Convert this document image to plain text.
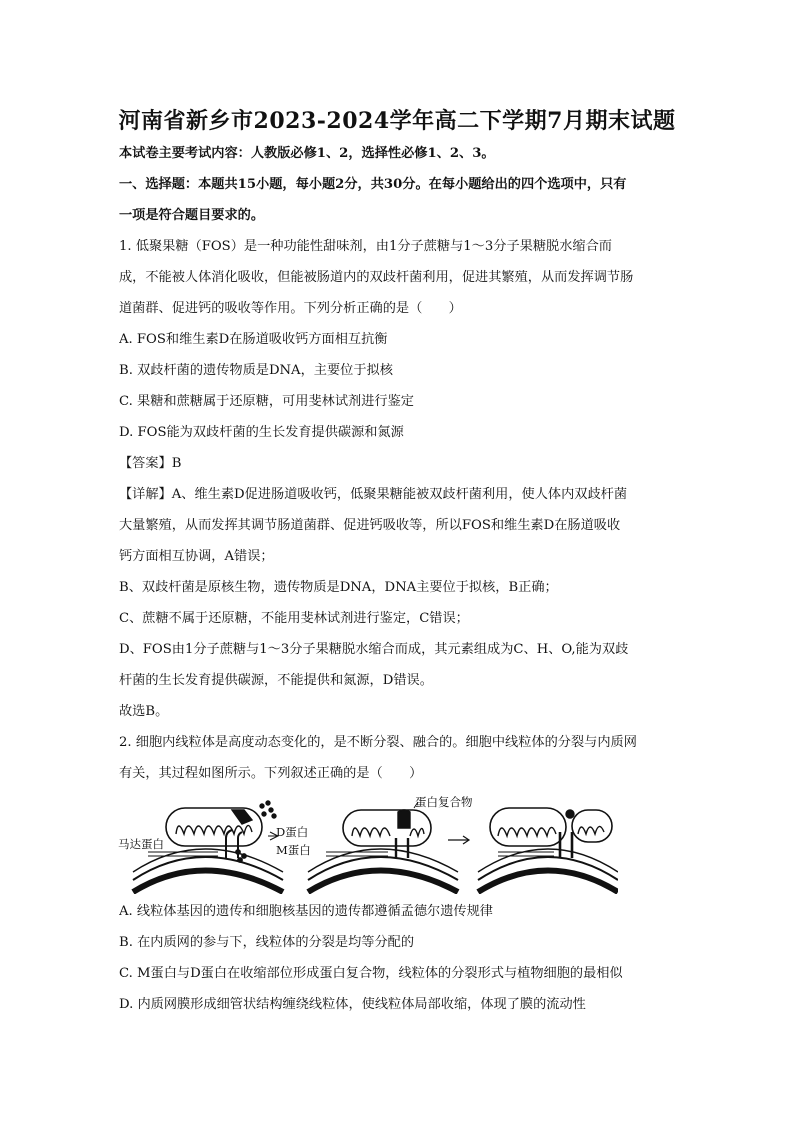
河南省新乡市2023-2024学年高二下学期7月期末试题
本试卷主要考试内容：人教版必修1、2，选择性必修1、2、3。
一、选择题：本题共15小题，每小题2分，共30分。在每小题给出的四个选项中，只有
一项是符合题目要求的。
1. 低聚果糖（FOS）是一种功能性甜味剂，由1分子蔗糖与1～3分子果糖脱水缩合而
成，不能被人体消化吸收，但能被肠道内的双歧杆菌利用，促进其繁殖，从而发挥调节肠
道菌群、促进钙的吸收等作用。下列分析正确的是（　　）
A. FOS和维生素D在肠道吸收钙方面相互抗衡
B. 双歧杆菌的遗传物质是DNA，主要位于拟核
C. 果糖和蔗糖属于还原糖，可用斐林试剂进行鉴定
D. FOS能为双歧杆菌的生长发育提供碳源和氮源
【答案】B
【详解】A、维生素D促进肠道吸收钙，低聚果糖能被双歧杆菌利用，使人体内双歧杆菌
大量繁殖，从而发挥其调节肠道菌群、促进钙吸收等，所以FOS和维生素D在肠道吸收
钙方面相互协调，A错误；
B、双歧杆菌是原核生物，遗传物质是DNA，DNA主要位于拟核，B正确；
C、蔗糖不属于还原糖，不能用斐林试剂进行鉴定，C错误；
D、FOS由1分子蔗糖与1～3分子果糖脱水缩合而成，其元素组成为C、H、O,能为双歧
杆菌的生长发育提供碳源，不能提供和氮源，D错误。
故选B。
2. 细胞内线粒体是高度动态变化的，是不断分裂、融合的。细胞中线粒体的分裂与内质网
有关，其过程如图所示。下列叙述正确的是（　　）
马达蛋白
D蛋白
M蛋白
蛋白复合物
A. 线粒体基因的遗传和细胞核基因的遗传都遵循孟德尔遗传规律
B. 在内质网的参与下，线粒体的分裂是均等分配的
C. M蛋白与D蛋白在收缩部位形成蛋白复合物，线粒体的分裂形式与植物细胞的最相似
D. 内质网膜形成细管状结构缠绕线粒体，使线粒体局部收缩，体现了膜的流动性
